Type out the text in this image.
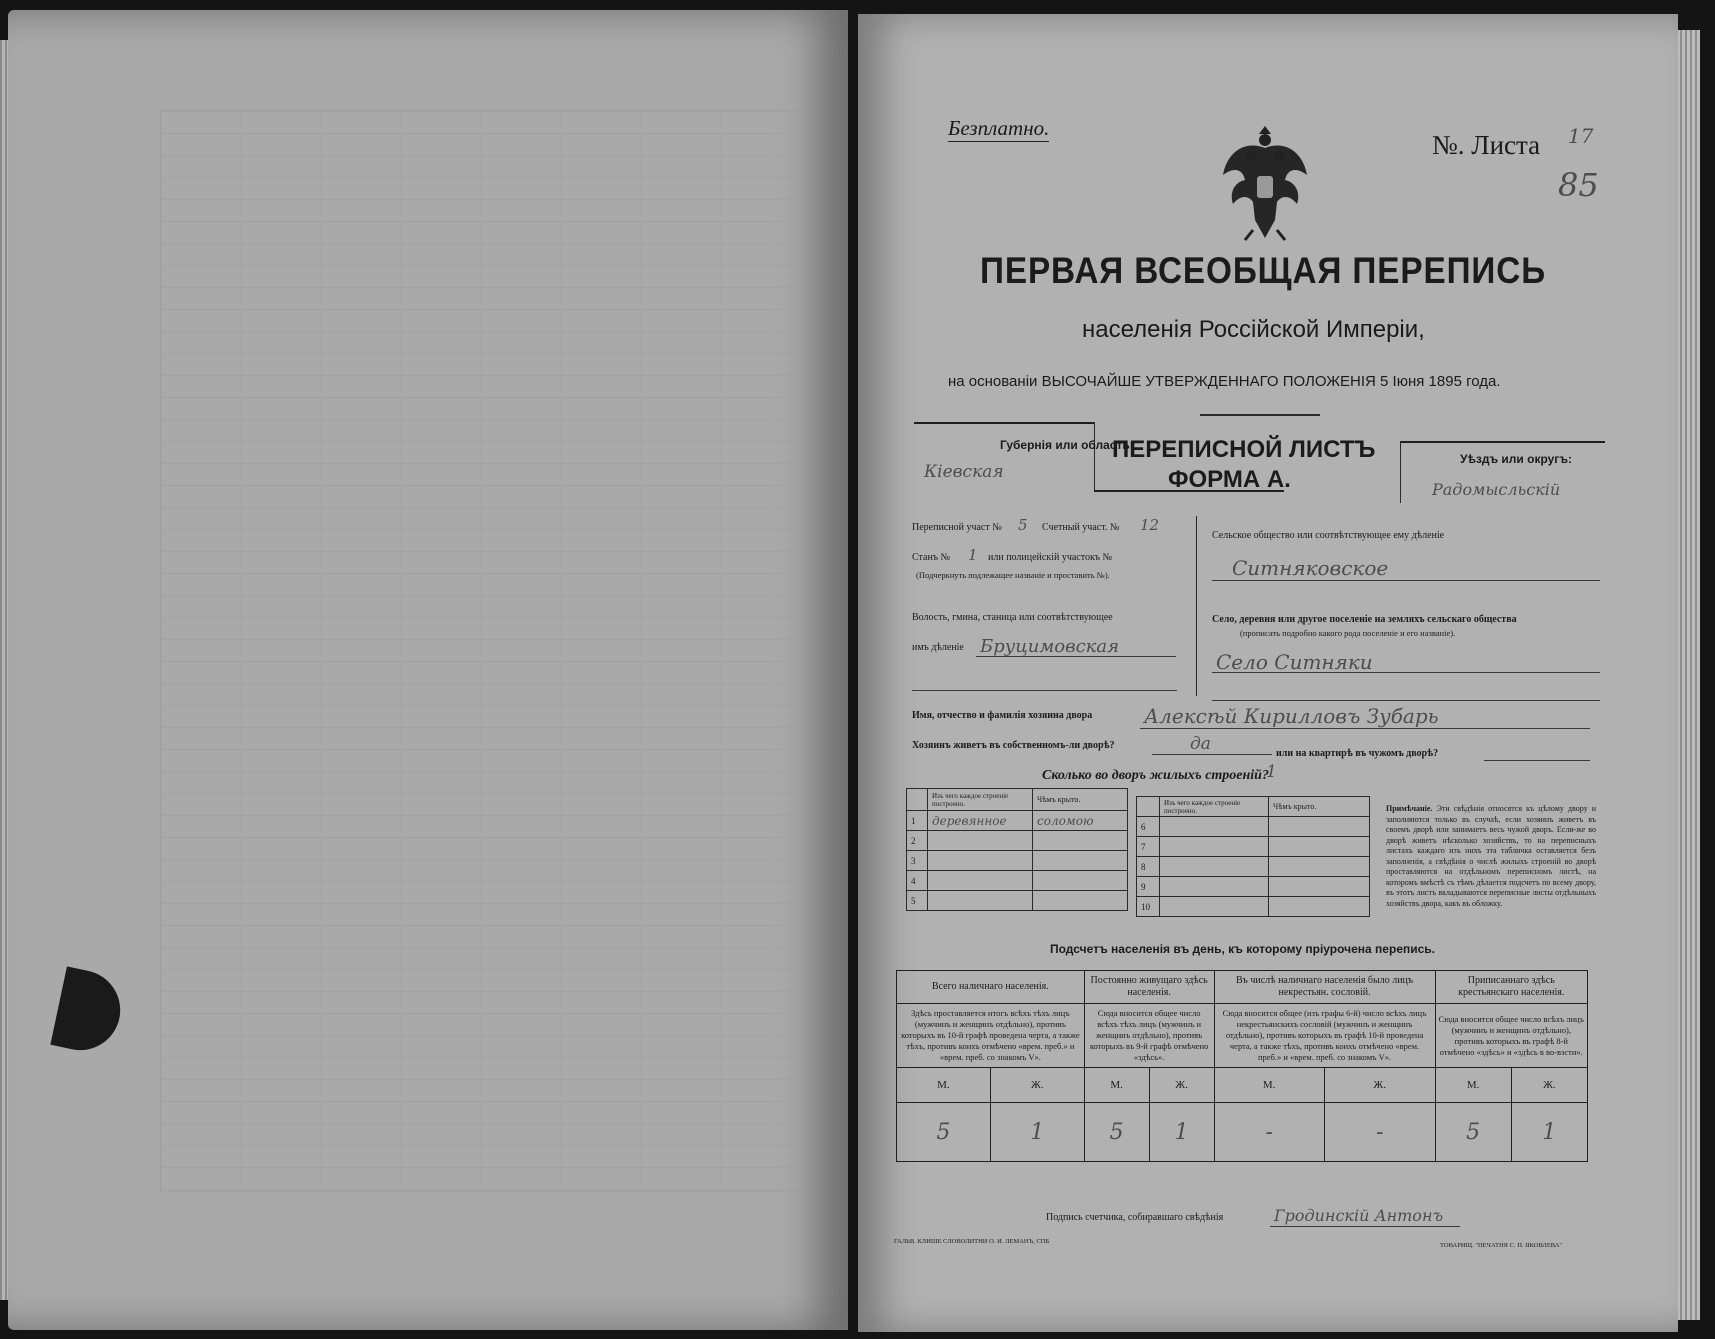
Безплатно.
№. Листа 17
85
ПЕРВАЯ ВСЕОБЩАЯ ПЕРЕПИСЬ
населенія Россійской Имперіи,
на основаніи ВЫСОЧАЙШЕ УТВЕРЖДЕННАГО ПОЛОЖЕНІЯ 5 Іюня 1895 года.
Губернія или область:
Кіевская
ПЕРЕПИСНОЙ ЛИСТЪ
ФОРМА А.
Уѣздъ или округъ:
Радомысльскій
Переписной участ № 5 Счетный участ. № 12
Станъ № 1 или полицейскій участокъ №
(Подчеркнуть подлежащее названіе и проставить №).
Волость, гмина, станица или соотвѣтствующее
имъ дѣленіе Бруцимовская
Сельское общество или соотвѣтствующее ему дѣленіе
Ситняковское
Село, деревня или другое поселеніе на земляхъ сельскаго общества
(прописать подробно какого рода поселеніе и его названіе).
Село Ситняки
Имя, отчество и фамилія хозяина двора	Алексѣй Кирилловъ Зубарь
Хозяинъ живетъ въ собственномъ-ли дворѣ?	да	или на квартирѣ въ чужомъ дворѣ?
Сколько во дворъ жилыхъ строеній?
1
	Изъ чего каждое строеніе построено.	Чѣмъ крыто.
1	деревянное	соломою
2		
3		
4		
5		
	Изъ чего каждое строеніе построено.	Чѣмъ крыто.
6		
7		
8		
9		
10		
Примѣчаніе. Эти свѣдѣнія относятся къ цѣлому двору и заполняются только въ случаѣ, если хозяинъ живетъ въ своемъ дворѣ или занимаетъ весь чужой дворъ. Если-же во дворѣ живетъ нѣсколько хозяйствъ, то на переписныхъ листахъ каждаго изъ нихъ эта табличка оставляется безъ заполненія, а свѣдѣнія о числѣ жилыхъ строеній во дворѣ проставляются на отдѣльномъ переписномъ листѣ, на которомъ вмѣстѣ съ тѣмъ дѣлается подсчетъ по всему двору, въ этотъ листъ вкладываются переписные листы отдѣльныхъ хозяйствъ двора, какъ въ обложку.
Подсчетъ населенія въ день, къ которому пріурочена перепись.
Всего наличнаго населенія.		Постоянно живущаго здѣсь населенія.		Въ числѣ наличнаго населенія было лицъ некрестьян. сословій.		Приписаннаго здѣсь крестьянскаго населенія.	
Здѣсь проставляется итогъ всѣхъ тѣхъ лицъ (мужчинъ и женщинъ отдѣльно), противъ которыхъ въ 10-й графѣ проведена черта, а также тѣхъ, противъ коихъ отмѣчено «врем. преб.» и «врем. преб. со знакомъ V».		Сюда вносится общее число всѣхъ тѣхъ лицъ (мужчинъ и женщинъ отдѣльно), противъ которыхъ въ 9-й графѣ отмѣчено «здѣсь».		Сюда вносится общее (изъ графы 6-й) число всѣхъ лицъ некрестьянскихъ сословій (мужчинъ и женщинъ отдѣльно), противъ которыхъ въ графѣ 10-й проведена черта, а также тѣхъ, противъ коихъ отмѣчено «врем. преб.» и «врем. преб. со знакомъ V».		Сюда вносится общее число всѣхъ лицъ (мужчинъ и женщинъ отдѣльно), противъ которыхъ въ графѣ 8-й отмѣчено «здѣсь» и «здѣсь в во-взсти».	
М.	Ж.	М.	Ж.	М.	Ж.	М.	Ж.
5	1	5	1	-	-	5	1
Подпись счетчика, собиравшаго свѣдѣнія	Гродинскій Антонъ
ГАЛЬВ. КЛИШЕ СЛОВОЛИТНИ О. И. ЛЕМАНЪ, СПБ
ТОВАРИЩ. "ПЕЧАТНЯ С. П. ЯКОВЛЕВА"
